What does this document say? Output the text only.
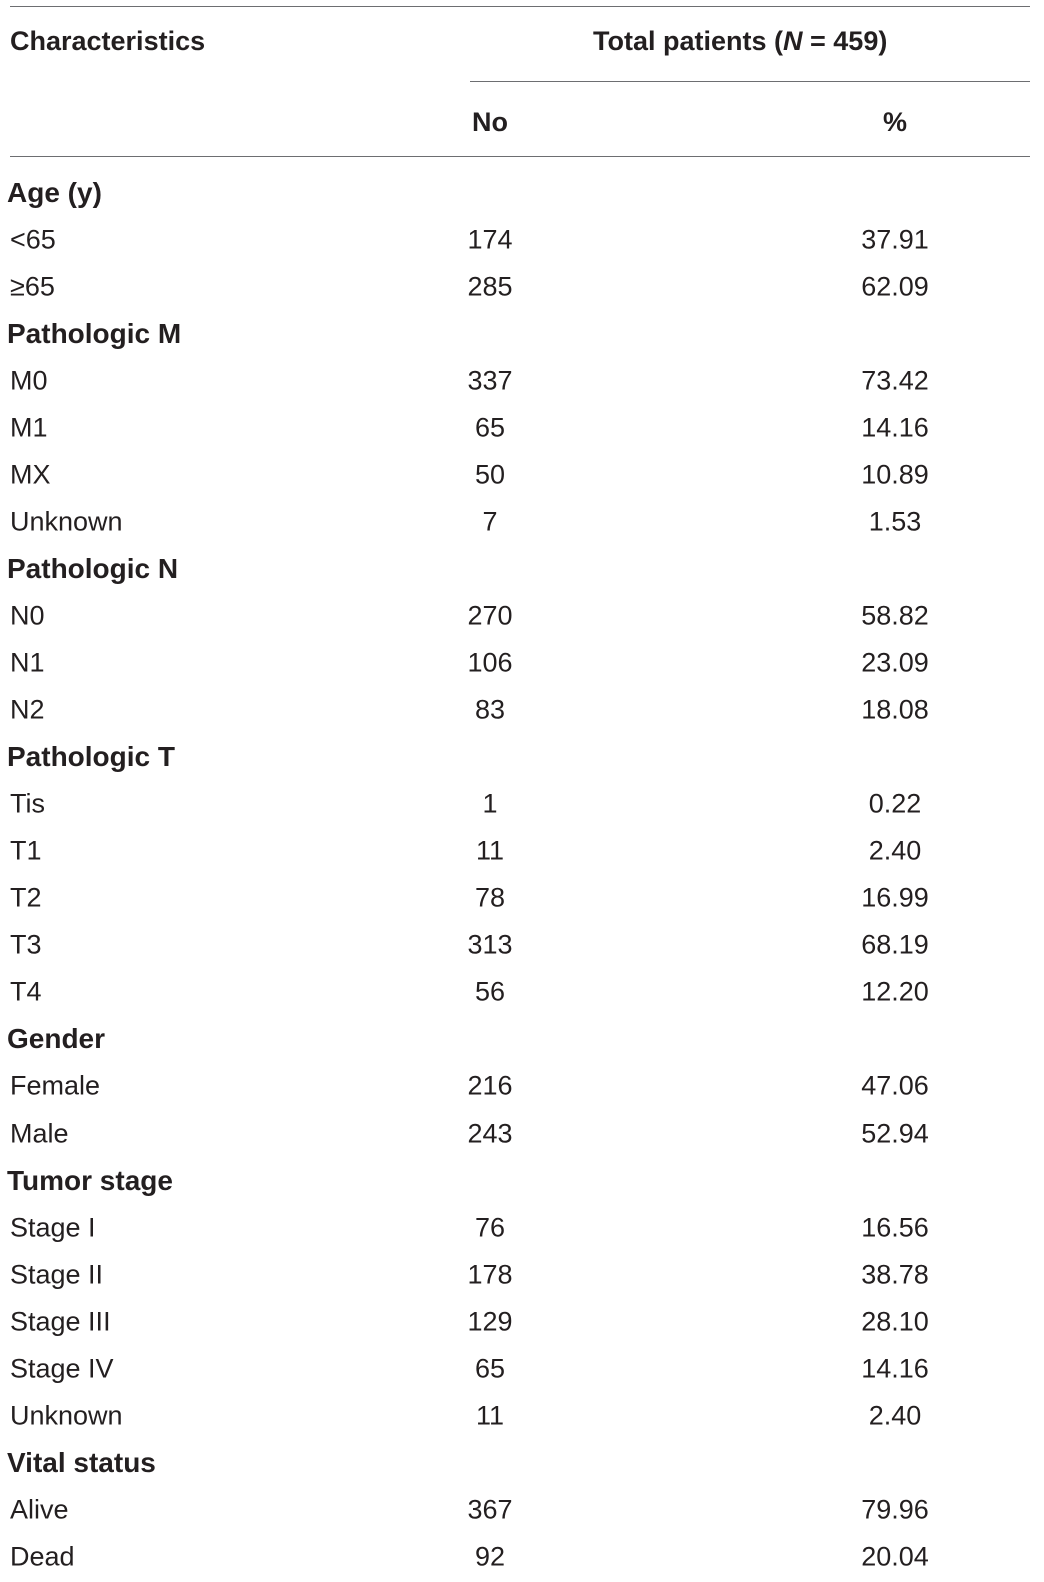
Characteristics	Total patients (N = 459)
No	%
Age (y)
<65	174	37.91
≥65	285	62.09
Pathologic M
M0	337	73.42
M1	65	14.16
MX	50	10.89
Unknown	7	1.53
Pathologic N
N0	270	58.82
N1	106	23.09
N2	83	18.08
Pathologic T
Tis	1	0.22
T1	11	2.40
T2	78	16.99
T3	313	68.19
T4	56	12.20
Gender
Female	216	47.06
Male	243	52.94
Tumor stage
Stage I	76	16.56
Stage II	178	38.78
Stage III	129	28.10
Stage IV	65	14.16
Unknown	11	2.40
Vital status
Alive	367	79.96
Dead	92	20.04
